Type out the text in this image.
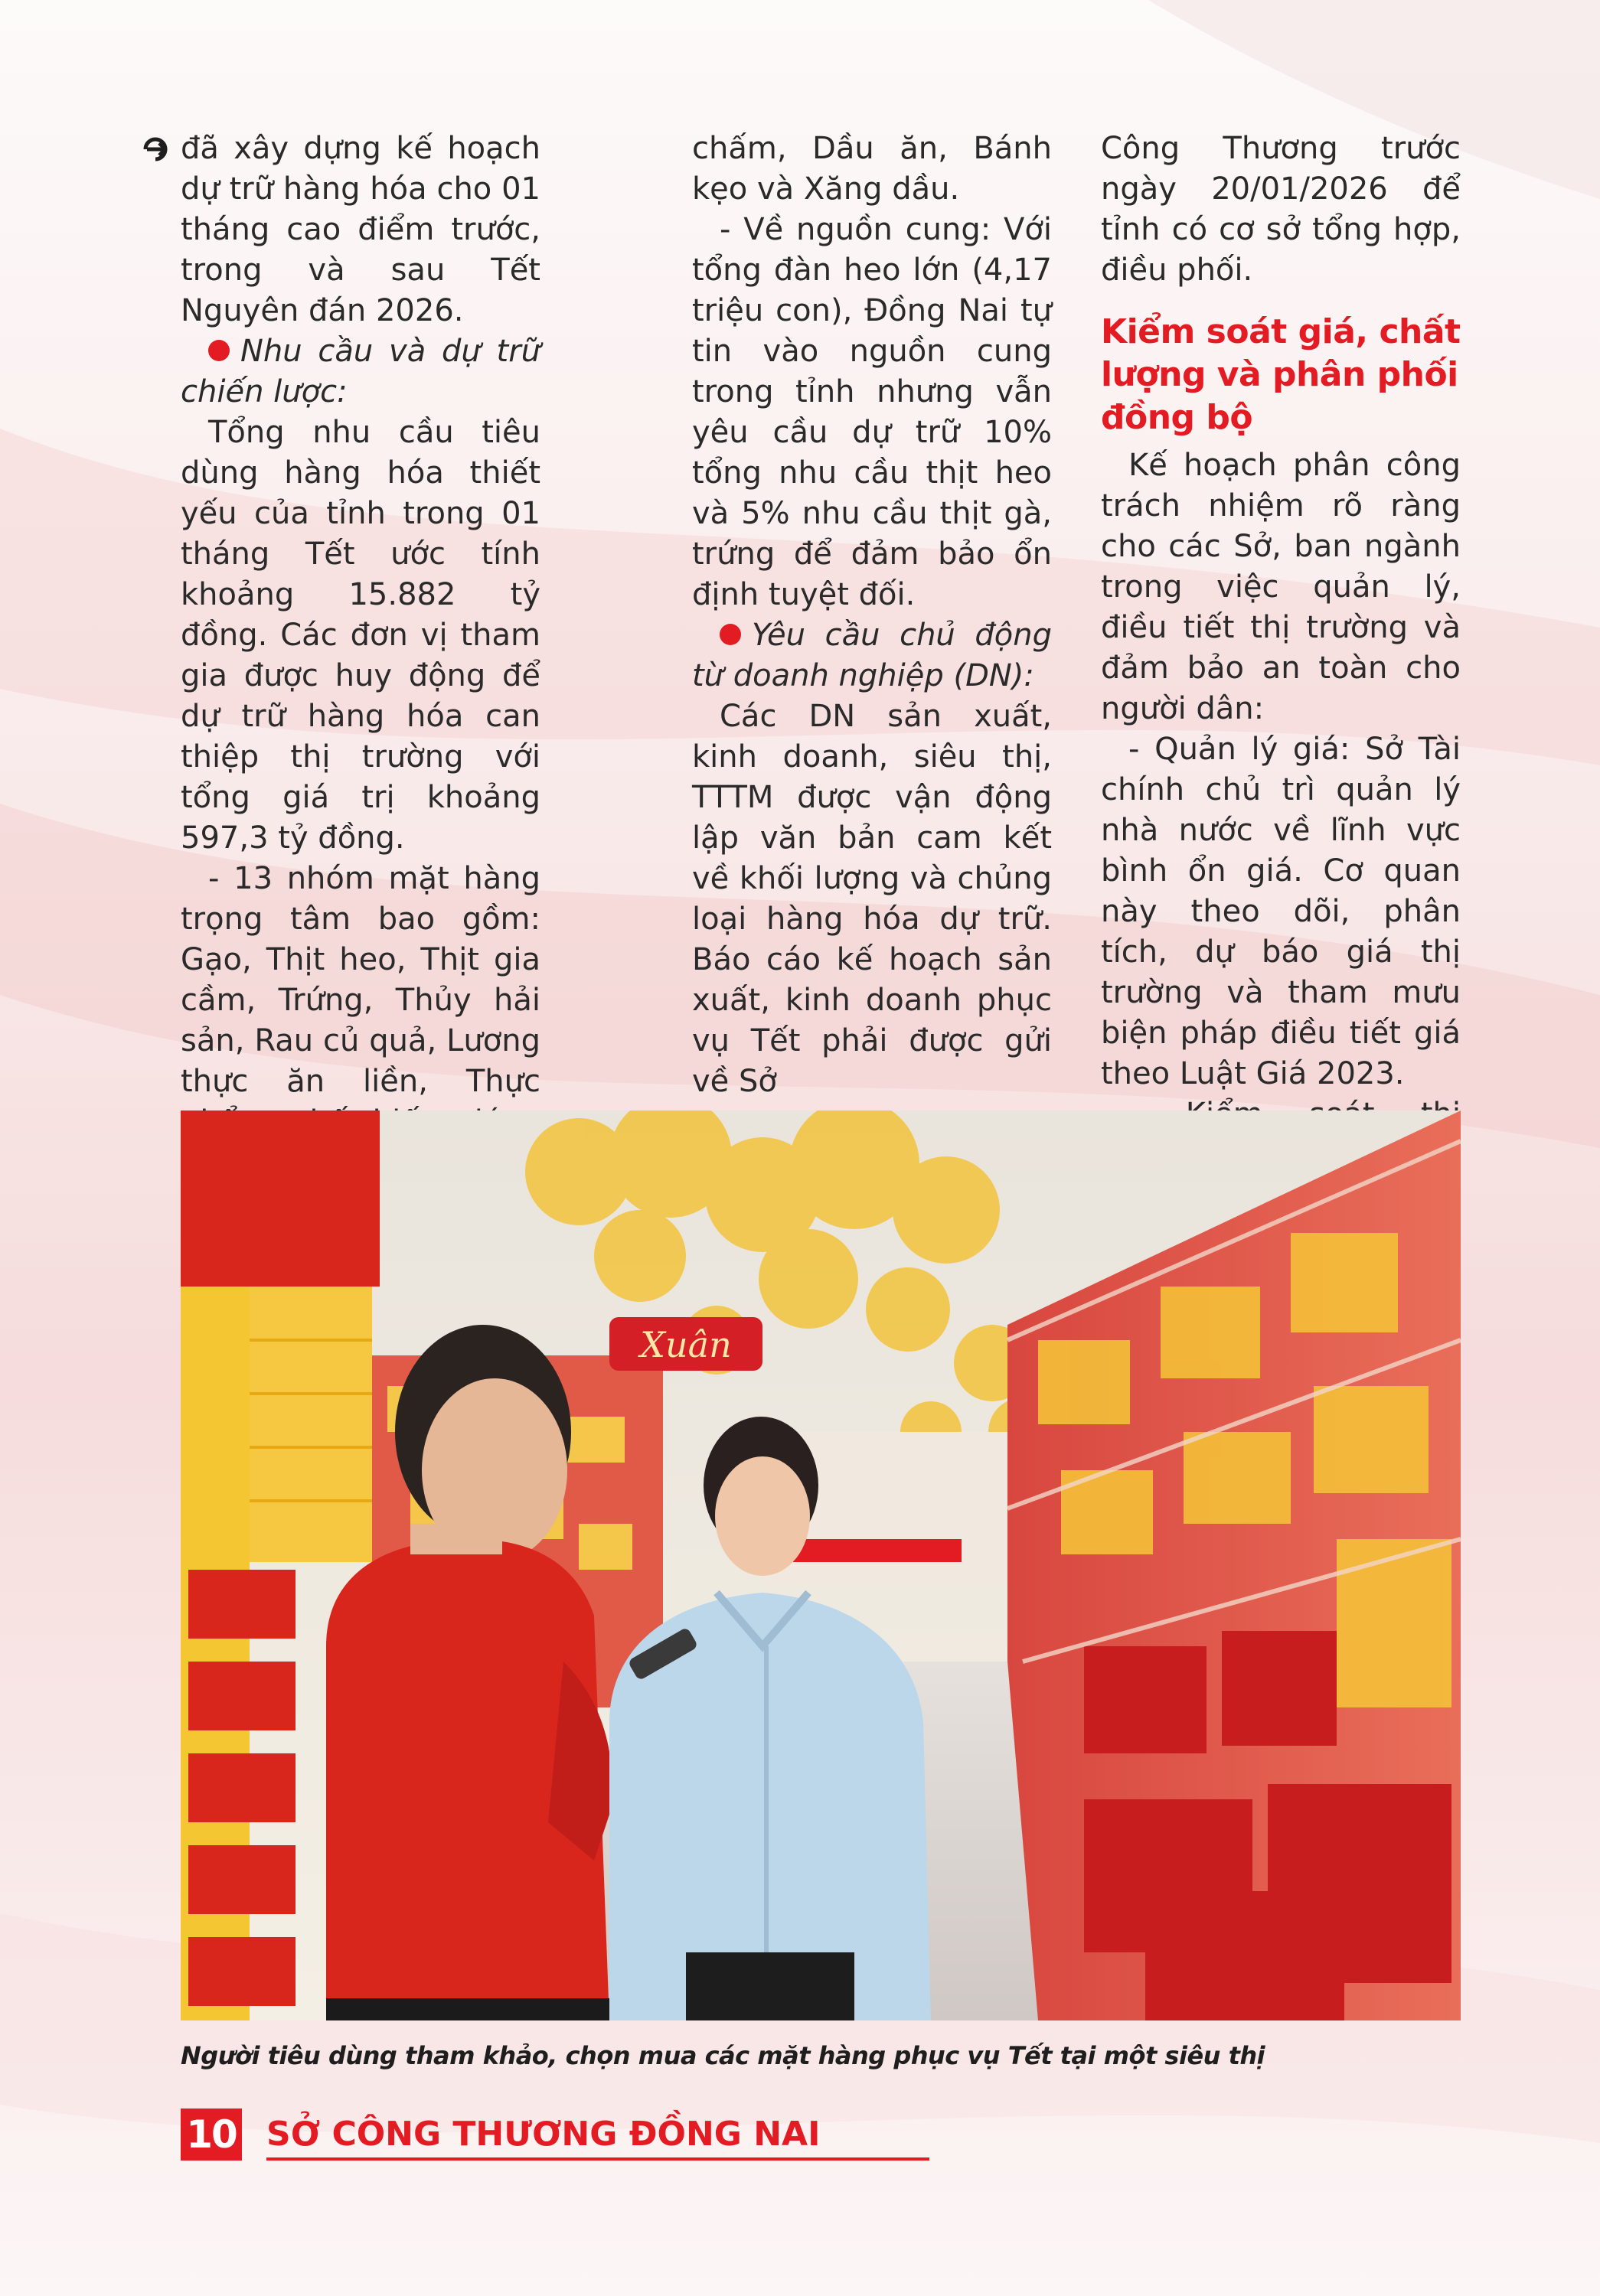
đã xây dựng kế hoạch dự trữ hàng hóa cho 01 tháng cao điểm trước, trong và sau Tết Nguyên đán 2026.

Nhu cầu và dự trữ chiến lược:

Tổng nhu cầu tiêu dùng hàng hóa thiết yếu của tỉnh trong 01 tháng Tết ước tính khoảng 15.882 tỷ đồng. Các đơn vị tham gia được huy động để dự trữ hàng hóa can thiệp thị trường với tổng giá trị khoảng 597,3 tỷ đồng.

- 13 nhóm mặt hàng trọng tâm bao gồm: Gạo, Thịt heo, Thịt gia cầm, Trứng, Thủy hải sản, Rau củ quả, Lương thực ăn liền, Thực

chấm, Dầu ăn, Bánh kẹo và Xăng dầu.

- Về nguồn cung: Với tổng đàn heo lớn (4,17 triệu con), Đồng Nai tự tin vào nguồn cung trong tỉnh nhưng vẫn yêu cầu dự trữ 10% tổng nhu cầu thịt heo và 5% nhu cầu thịt gà, trứng để đảm bảo ổn định tuyệt đối.

Yêu cầu chủ động từ doanh nghiệp (DN):

Các DN sản xuất, kinh doanh, siêu thị, TTTM được vận động lập văn bản cam kết về khối lượng và chủng loại hàng hóa dự trữ. Báo cáo kế hoạch sản xuất, kinh doanh phục vụ Tết phải được gửi về Sở

Công Thương trước ngày 20/01/2026 để tỉnh có cơ sở tổng hợp, điều phối.

Kiểm soát giá, chất lượng và phân phối đồng bộ

Kế hoạch phân công trách nhiệm rõ ràng cho các Sở, ban ngành trong việc quản lý, điều tiết thị trường và đảm bảo an toàn cho người dân:

- Quản lý giá: Sở Tài chính chủ trì quản lý nhà nước về lĩnh vực bình ổn giá. Cơ quan này theo dõi, phân tích, dự báo giá thị trường và tham mưu biện pháp điều tiết giá theo Luật Giá 2023.

Xuân
Người tiêu dùng tham khảo, chọn mua các mặt hàng phục vụ Tết tại một siêu thị
10 SỞ CÔNG THƯƠNG ĐỒNG NAI
